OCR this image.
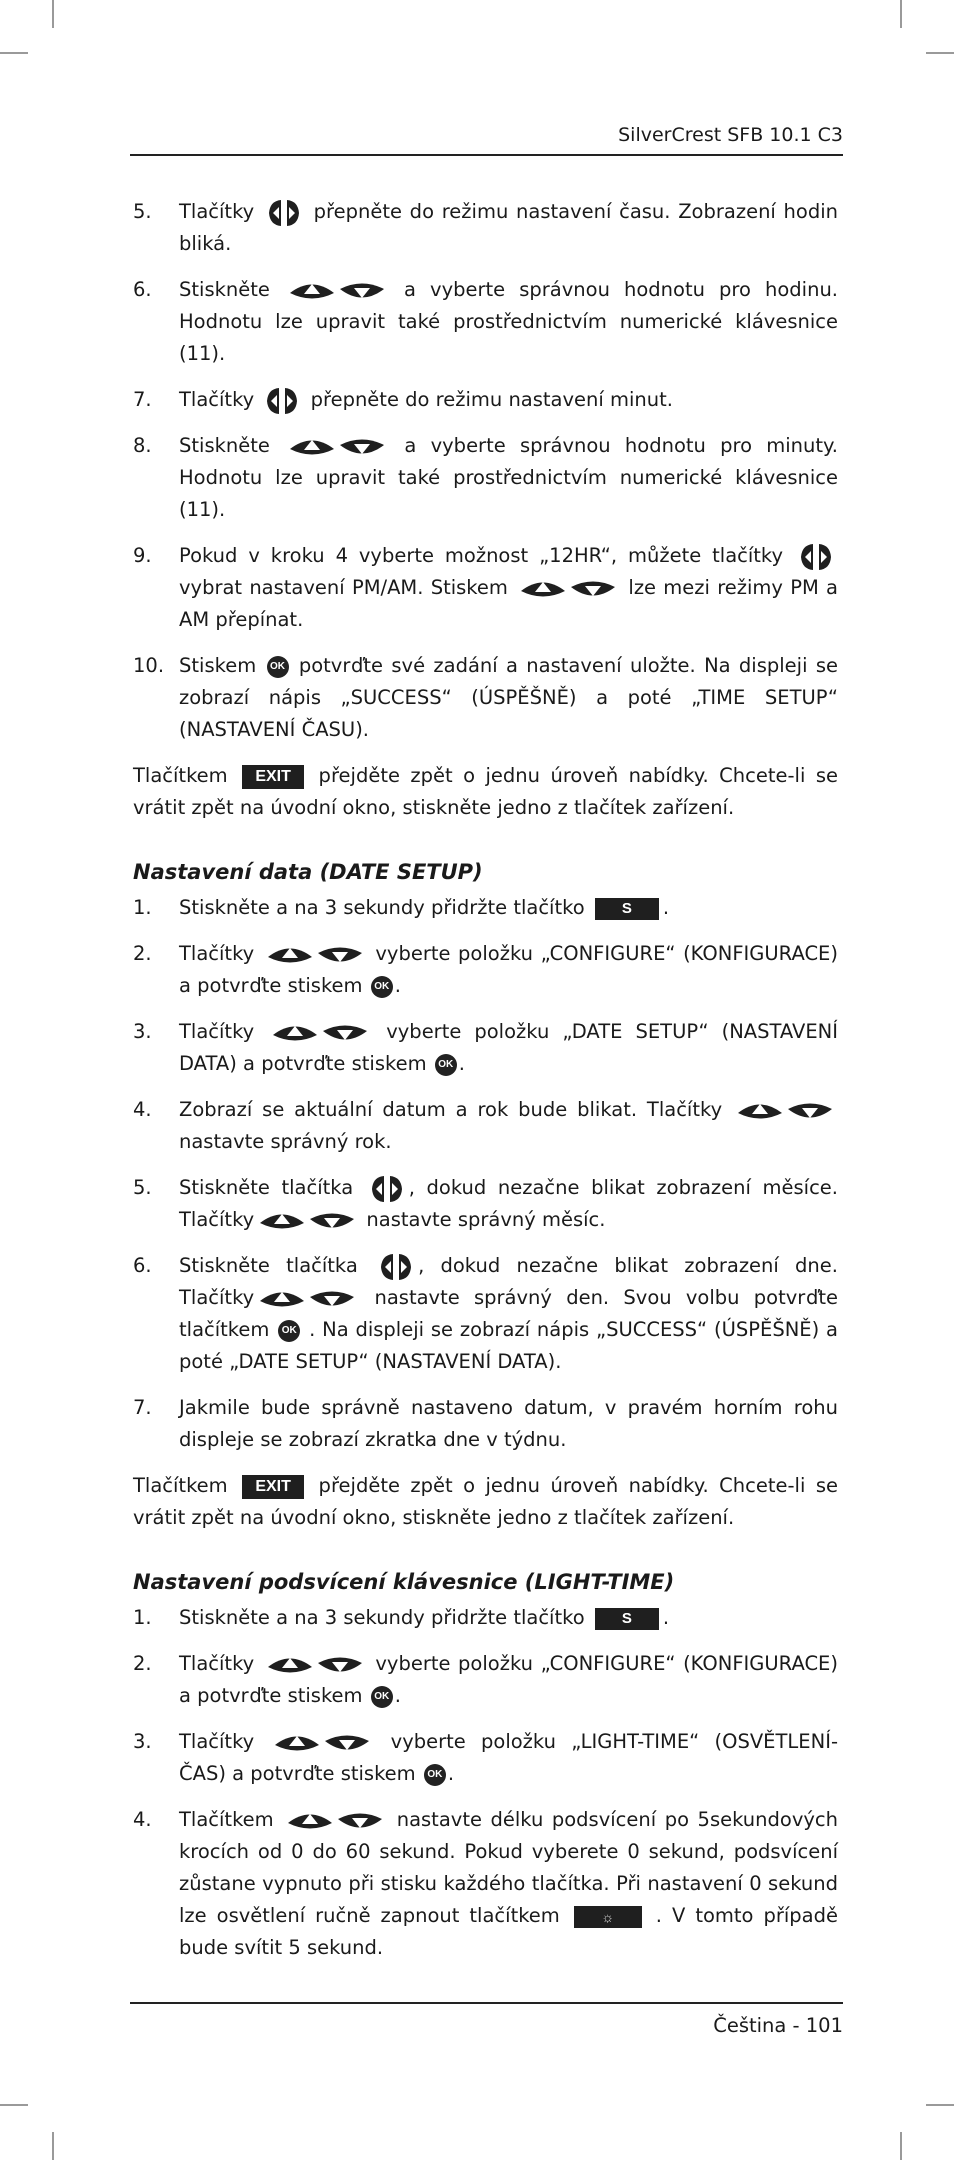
SilverCrest SFB 10.1 C3
5.	Tlačítky  přepněte do režimu nastavení času. Zobrazení hodin bliká.
6.	Stiskněte	a vyberte správnou hodnotu pro hodinu. Hodnotu lze upravit také prostřednictvím numerické klávesnice (11).
7.	Tlačítky  přepněte do režimu nastavení minut.
8.	Stiskněte	a vyberte správnou hodnotu pro minuty. Hodnotu lze upravit také prostřednictvím numerické klávesnice (11).
9.	Pokud v kroku 4 vyberte možnost „12HR“, můžete tlačítky  vybrat nastavení PM/AM. Stiskem	lze mezi režimy PM a AM přepínat.
10. Stiskem OK potvrďte své zadání a nastavení uložte. Na displeji se zobrazí nápis „SUCCESS“ (ÚSPĚŠNĚ) a poté „TIME SETUP“ (NASTAVENÍ ČASU).

Tlačítkem EXIT přejděte zpět o jednu úroveň nabídky. Chcete-li se vrátit zpět na úvodní okno, stiskněte jedno z tlačítek zařízení.

Nastavení data (DATE SETUP)
1.	Stiskněte a na 3 sekundy přidržte tlačítko S .
2.	Tlačítky	vyberte položku „CONFIGURE“ (KONFIGURACE) a potvrďte stiskem OK .
3.	Tlačítky	vyberte položku „DATE SETUP“ (NASTAVENÍ DATA) a potvrďte stiskem OK .
4.	Zobrazí se aktuální datum a rok bude blikat. Tlačítky  nastavte správný rok.
5.	Stiskněte tlačítka , dokud nezačne blikat zobrazení měsíce. Tlačítky	nastavte správný měsíc.
6.	Stiskněte tlačítka , dokud nezačne blikat zobrazení dne. Tlačítky	nastavte správný den. Svou volbu potvrďte tlačítkem OK . Na displeji se zobrazí nápis „SUCCESS“ (ÚSPĚŠNĚ) a poté „DATE SETUP“ (NASTAVENÍ DATA).
7.	Jakmile bude správně nastaveno datum, v pravém horním rohu displeje se zobrazí zkratka dne v týdnu.

Tlačítkem EXIT přejděte zpět o jednu úroveň nabídky. Chcete-li se vrátit zpět na úvodní okno, stiskněte jedno z tlačítek zařízení.

Nastavení podsvícení klávesnice (LIGHT-TIME)
1.	Stiskněte a na 3 sekundy přidržte tlačítko S .
2.	Tlačítky	vyberte položku „CONFIGURE“ (KONFIGURACE) a potvrďte stiskem OK .
3.	Tlačítky	vyberte položku „LIGHT-TIME“ (OSVĚTLENÍ-ČAS) a potvrďte stiskem OK .
4.	Tlačítkem	nastavte délku podsvícení po 5sekundových krocích od 0 do 60 sekund. Pokud vyberete 0 sekund, podsvícení zůstane vypnuto při stisku každého tlačítka. Při nastavení 0 sekund lze osvětlení ručně zapnout tlačítkem ☼ . V tomto případě bude svítit 5 sekund.
Čeština - 101
